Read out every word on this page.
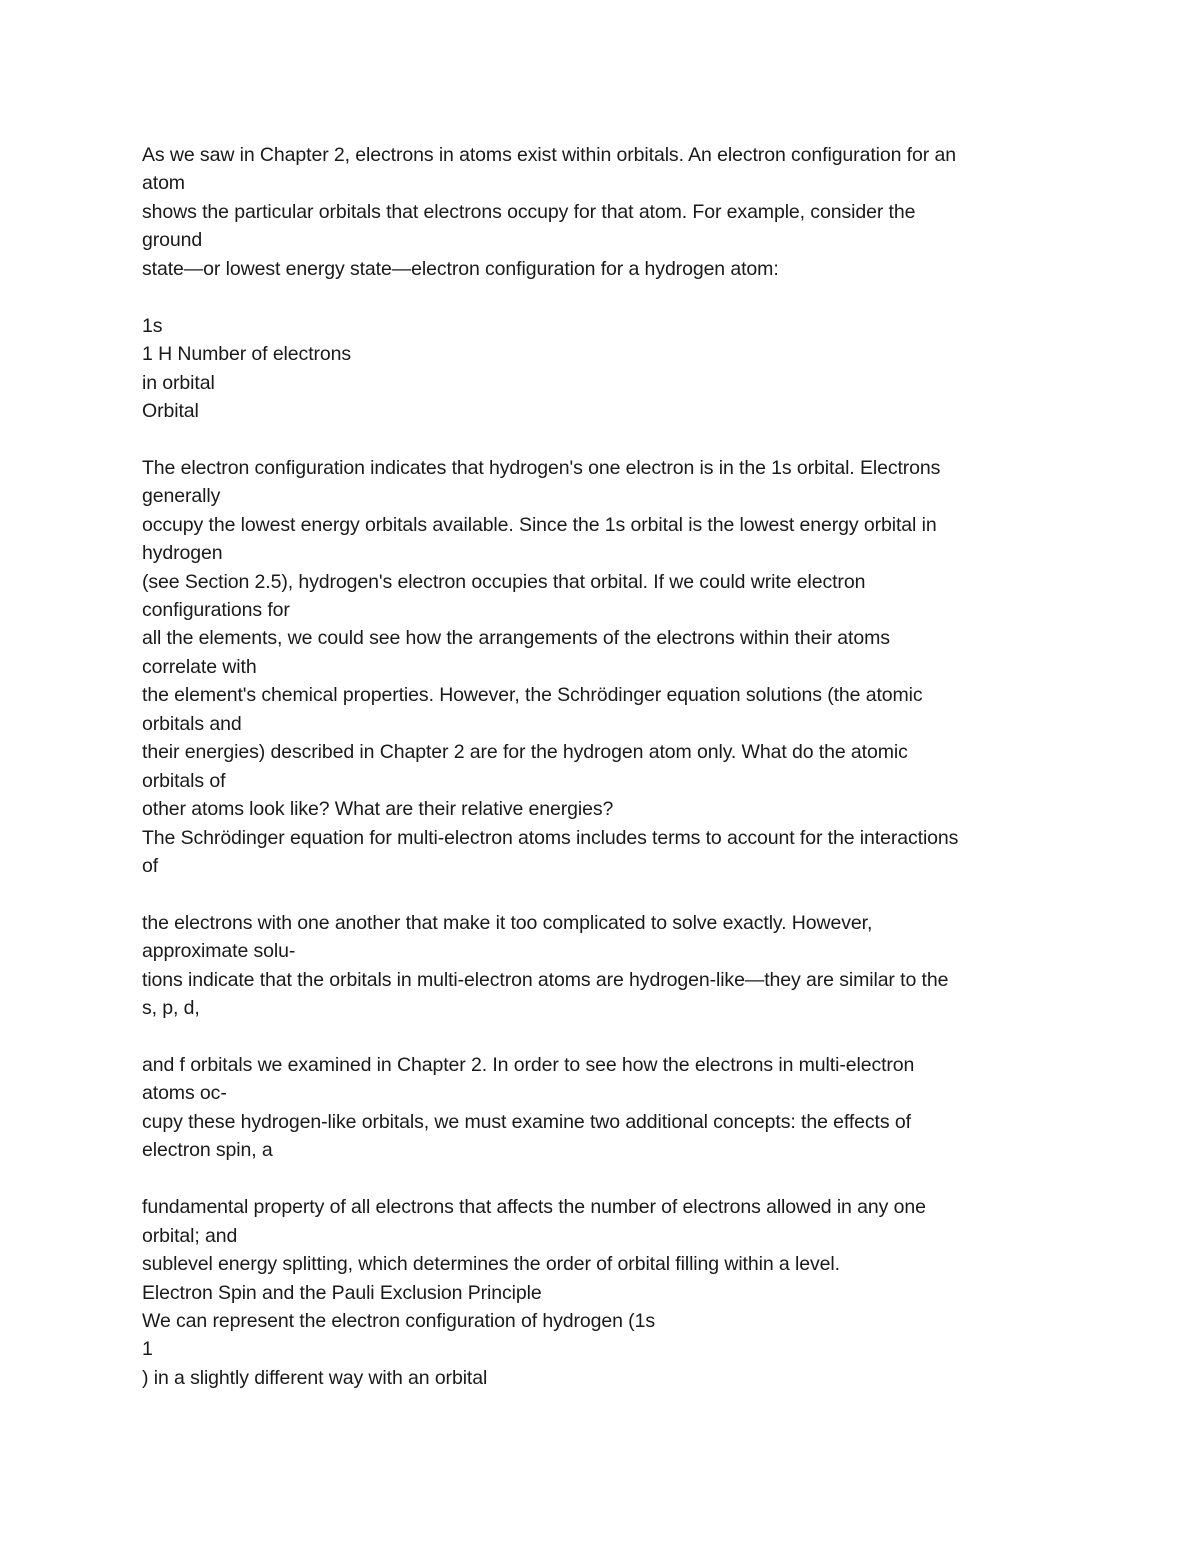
As we saw in Chapter 2, electrons in atoms exist within orbitals. An electron configuration for an
atom
shows the particular orbitals that electrons occupy for that atom. For example, consider the
ground
state—or lowest energy state—electron configuration for a hydrogen atom:
1s
1 H Number of electrons
in orbital
Orbital
The electron configuration indicates that hydrogen's one electron is in the 1s orbital. Electrons
generally
occupy the lowest energy orbitals available. Since the 1s orbital is the lowest energy orbital in
hydrogen
(see Section 2.5), hydrogen's electron occupies that orbital. If we could write electron
configurations for
all the elements, we could see how the arrangements of the electrons within their atoms
correlate with
the element's chemical properties. However, the Schrödinger equation solutions (the atomic
orbitals and
their energies) described in Chapter 2 are for the hydrogen atom only. What do the atomic
orbitals of
other atoms look like? What are their relative energies?
The Schrödinger equation for multi-electron atoms includes terms to account for the interactions
of
the electrons with one another that make it too complicated to solve exactly. However,
approximate solu-
tions indicate that the orbitals in multi-electron atoms are hydrogen-like—they are similar to the
s, p, d,
and f orbitals we examined in Chapter 2. In order to see how the electrons in multi-electron
atoms oc-
cupy these hydrogen-like orbitals, we must examine two additional concepts: the effects of
electron spin, a
fundamental property of all electrons that affects the number of electrons allowed in any one
orbital; and
sublevel energy splitting, which determines the order of orbital filling within a level.
Electron Spin and the Pauli Exclusion Principle
We can represent the electron configuration of hydrogen (1s
1
) in a slightly different way with an orbital
